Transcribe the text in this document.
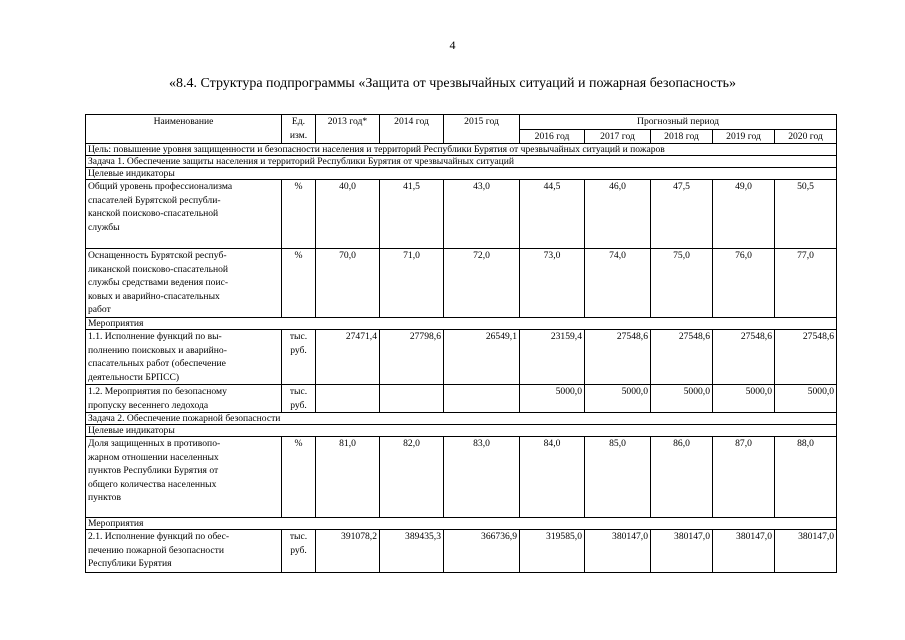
4
«8.4. Структура подпрограммы «Защита от чрезвычайных ситуаций и пожарная безопасность»
Наименование	Ед.
изм.	2013 год*	2014 год	2015 год	Прогнозный период				
					2016 год	2017 год	2018 год	2019 год	2020 год
Цель: повышение уровня защищенности и безопасности населения и территорий Республики Бурятия от чрезвычайных ситуаций и пожаров									
Задача 1. Обеспечение защиты населения и территорий Республики Бурятия от чрезвычайных ситуаций									
Целевые индикаторы									

Общий уровень профессионализма
спасателей Бурятской республи-
канской поисково-спасательной
службы	%	40,0	41,5	43,0	44,5	46,0	47,5	49,0	50,5

Оснащенность Бурятской респуб-
ликанской поисково-спасательной
службы средствами ведения поис-
ковых и аварийно-спасательных
работ	%	70,0	71,0	72,0	73,0	74,0	75,0	76,0	77,0
Мероприятия									

1.1. Исполнение функций по вы-
полнению поисковых и аварийно-
спасательных работ (обеспечение
деятельности БРПСС)	тыс.
руб.	27471,4	27798,6	26549,1	23159,4	27548,6	27548,6	27548,6	27548,6

1.2. Мероприятия по безопасному
пропуску весеннего ледохода	тыс.
руб.				5000,0	5000,0	5000,0	5000,0	5000,0
Задача 2. Обеспечение пожарной безопасности									
Целевые индикаторы									

Доля защищенных в противопо-
жарном отношении населенных
пунктов Республики Бурятия от
общего количества населенных
пунктов	%	81,0	82,0	83,0	84,0	85,0	86,0	87,0	88,0
Мероприятия									

2.1. Исполнение функций по обес-
печению пожарной безопасности
Республики Бурятия	тыс.
руб.	391078,2	389435,3	366736,9	319585,0	380147,0	380147,0	380147,0	380147,0
